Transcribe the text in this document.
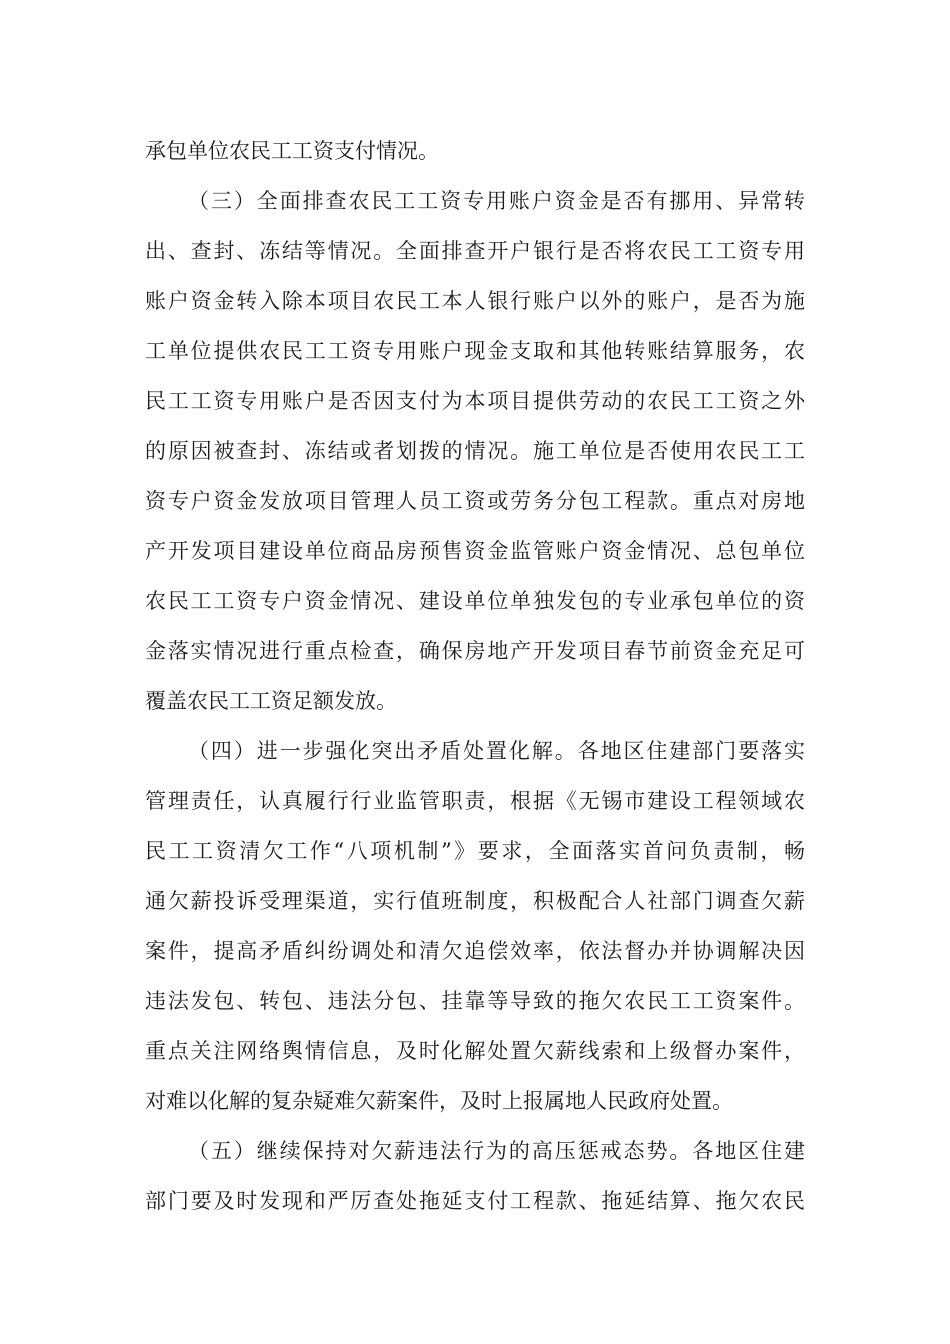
承包单位农民工工资支付情况。
（三）全面排查农民工工资专用账户资金是否有挪用、异常转
出、查封、冻结等情况。全面排查开户银行是否将农民工工资专用
账户资金转入除本项目农民工本人银行账户以外的账户，是否为施
工单位提供农民工工资专用账户现金支取和其他转账结算服务，农
民工工资专用账户是否因支付为本项目提供劳动的农民工工资之外
的原因被查封、冻结或者划拨的情况。施工单位是否使用农民工工
资专户资金发放项目管理人员工资或劳务分包工程款。重点对房地
产开发项目建设单位商品房预售资金监管账户资金情况、总包单位
农民工工资专户资金情况、建设单位单独发包的专业承包单位的资
金落实情况进行重点检查，确保房地产开发项目春节前资金充足可
覆盖农民工工资足额发放。
（四）进一步强化突出矛盾处置化解。各地区住建部门要落实
管理责任，认真履行行业监管职责，根据《无锡市建设工程领域农
民工工资清欠工作“八项机制”》要求，全面落实首问负责制，畅
通欠薪投诉受理渠道，实行值班制度，积极配合人社部门调查欠薪
案件，提高矛盾纠纷调处和清欠追偿效率，依法督办并协调解决因
违法发包、转包、违法分包、挂靠等导致的拖欠农民工工资案件。
重点关注网络舆情信息，及时化解处置欠薪线索和上级督办案件，
对难以化解的复杂疑难欠薪案件，及时上报属地人民政府处置。
（五）继续保持对欠薪违法行为的高压惩戒态势。各地区住建
部门要及时发现和严厉查处拖延支付工程款、拖延结算、拖欠农民
